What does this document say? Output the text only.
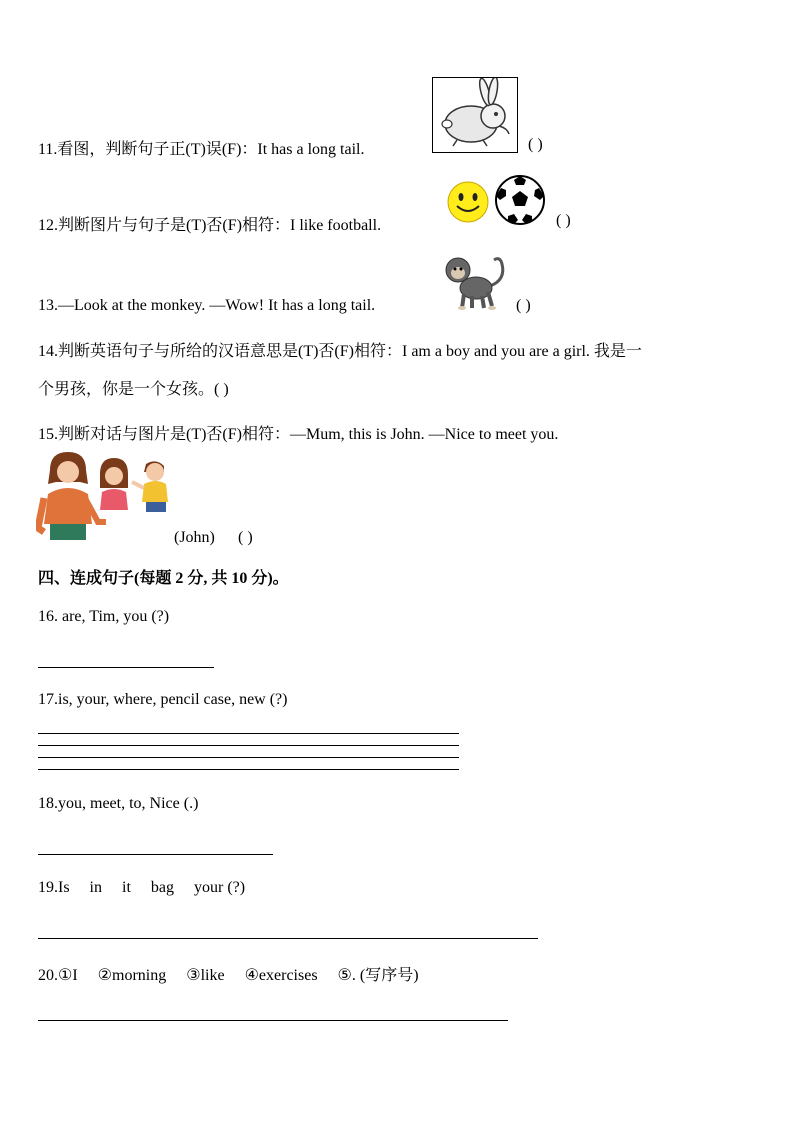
11.看图，判断句子正(T)误(F)：It has a long tail.	( )
12.判断图片与句子是(T)否(F)相符：I like football.	( )
13.—Look at the monkey. —Wow! It has a long tail.	( )
14.判断英语句子与所给的汉语意思是(T)否(F)相符：I am a boy and you are a girl. 我是一
个男孩，你是一个女孩。( )
15.判断对话与图片是(T)否(F)相符：—Mum, this is John. —Nice to meet you.
(John) ( )
四、连成句子(每题 2 分, 共 10 分)。
16. are, Tim, you (?)
17.is, your, where, pencil case, new (?)
18.you, meet, to, Nice (.)
19.Is     in     it     bag     your (?)
20.①I     ②morning     ③like     ④exercises     ⑤. (写序号)
